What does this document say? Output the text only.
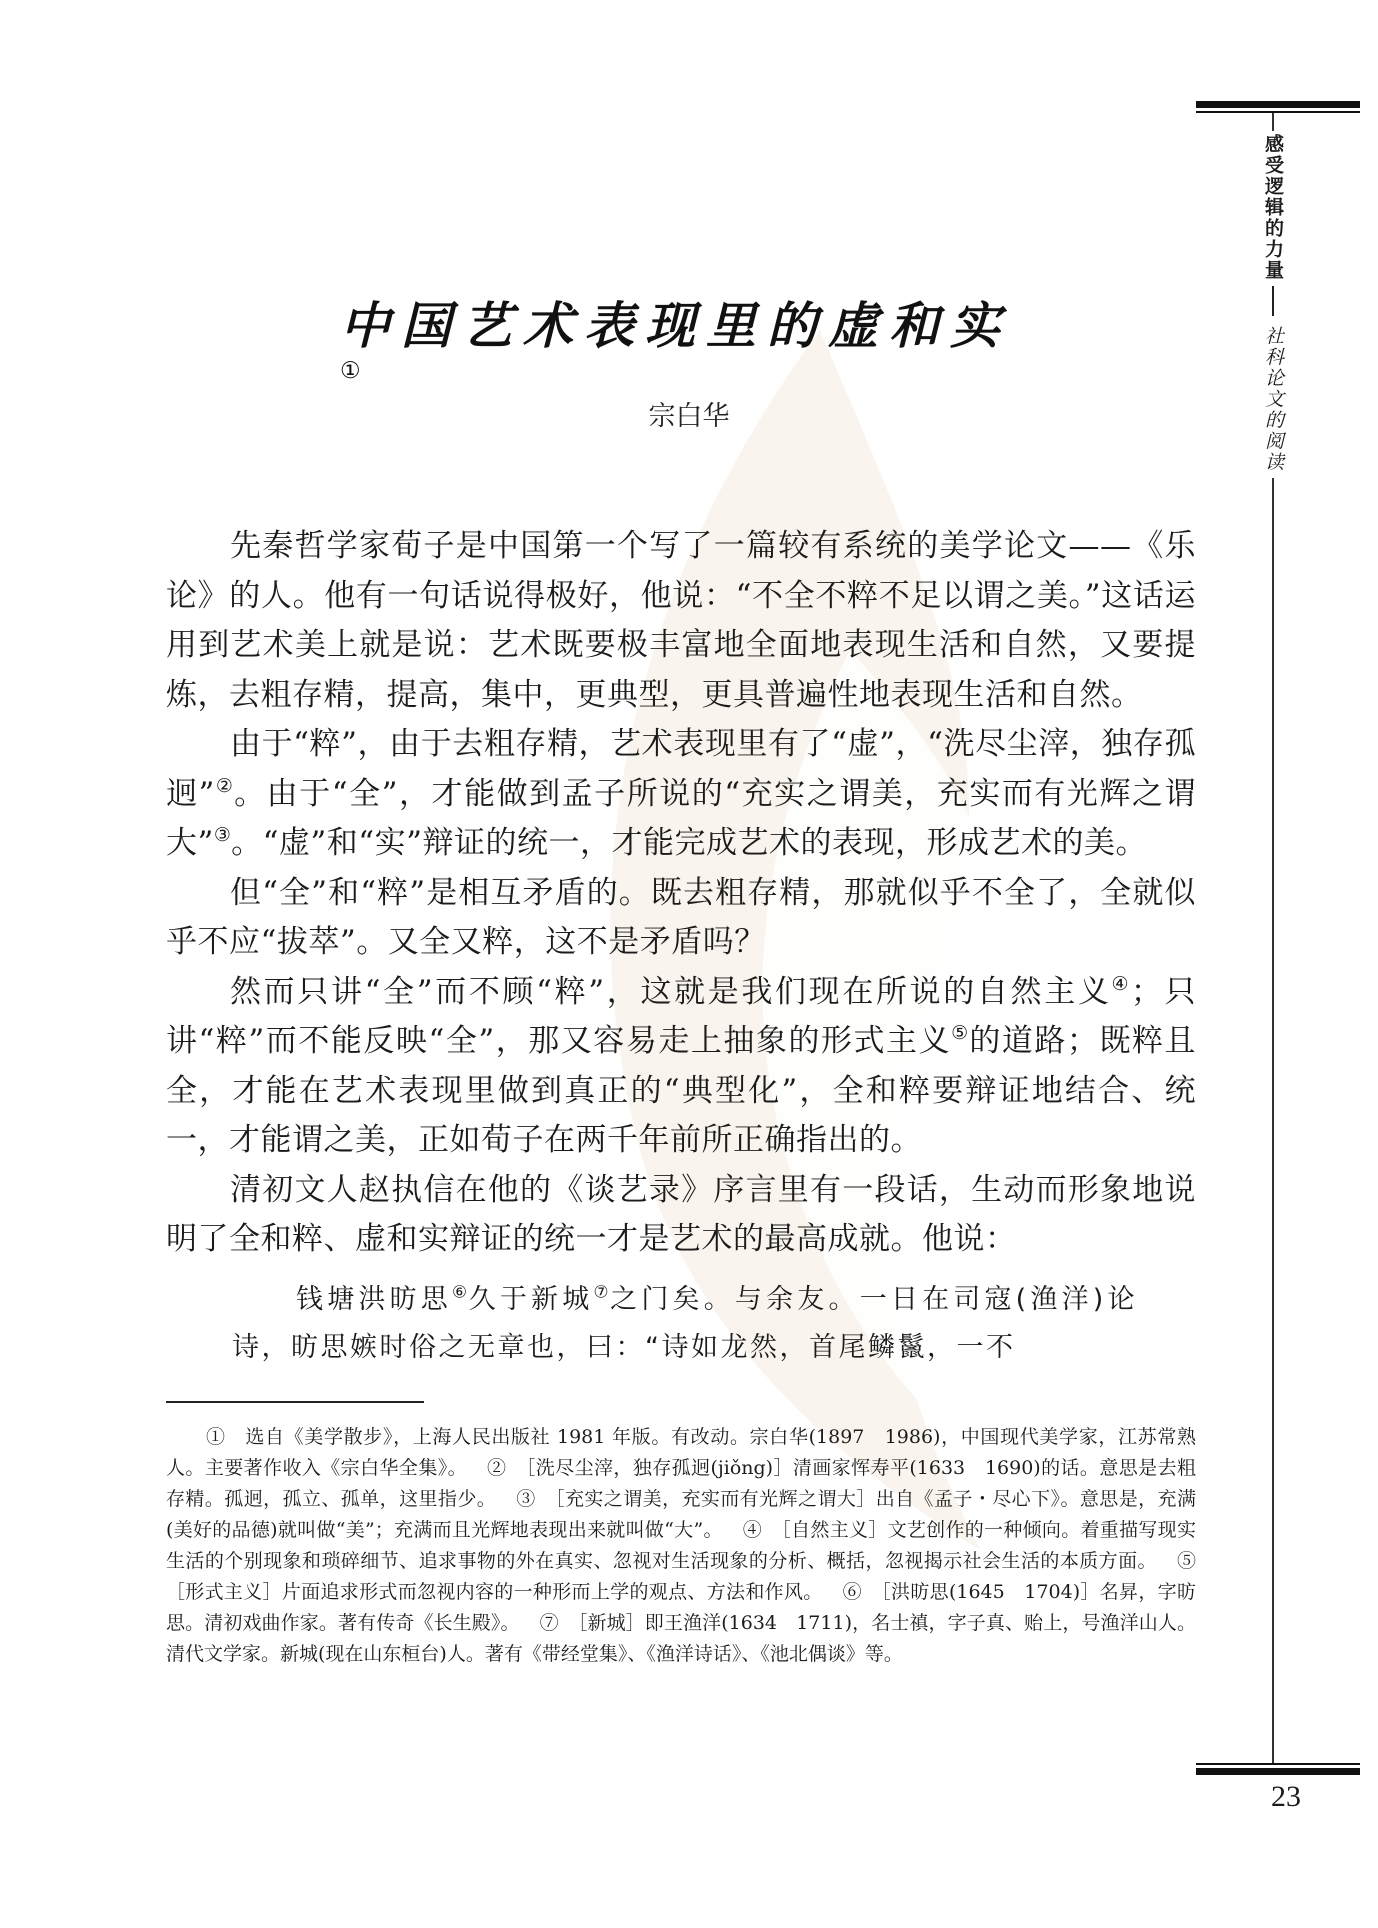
感受逻辑的力量
社科论文的阅读
23
中国艺术表现里的虚和实①
宗白华

先秦哲学家荀子是中国第一个写了一篇较有系统的美学论文——《乐论》的人。他有一句话说得极好，他说：“不全不粹不足以谓之美。”这话运用到艺术美上就是说：艺术既要极丰富地全面地表现生活和自然，又要提炼，去粗存精，提高，集中，更典型，更具普遍性地表现生活和自然。

由于“粹”，由于去粗存精，艺术表现里有了“虚”，“洗尽尘滓，独存孤迥”②。由于“全”，才能做到孟子所说的“充实之谓美，充实而有光辉之谓大”③。“虚”和“实”辩证的统一，才能完成艺术的表现，形成艺术的美。

但“全”和“粹”是相互矛盾的。既去粗存精，那就似乎不全了，全就似乎不应“拔萃”。又全又粹，这不是矛盾吗？

然而只讲“全”而不顾“粹”，这就是我们现在所说的自然主义④；只讲“粹”而不能反映“全”，那又容易走上抽象的形式主义⑤的道路；既粹且全，才能在艺术表现里做到真正的“典型化”，全和粹要辩证地结合、统一，才能谓之美，正如荀子在两千年前所正确指出的。

清初文人赵执信在他的《谈艺录》序言里有一段话，生动而形象地说明了全和粹、虚和实辩证的统一才是艺术的最高成就。他说：

钱塘洪昉思⑥久于新城⑦之门矣。与余友。一日在司寇(渔洋)论诗，昉思嫉时俗之无章也，曰：“诗如龙然，首尾鳞鬣，一不

①　选自《美学散步》，上海人民出版社 1981 年版。有改动。宗白华(1897　1986)，中国现代美学家，江苏常熟人。主要著作收入《宗白华全集》。 ②　［洗尽尘滓，独存孤迥(jiǒng)］清画家恽寿平(1633　1690)的话。意思是去粗存精。孤迥，孤立、孤单，这里指少。 ③　［充实之谓美，充实而有光辉之谓大］出自《孟子・尽心下》。意思是，充满(美好的品德)就叫做“美”；充满而且光辉地表现出来就叫做“大”。 ④　［自然主义］文艺创作的一种倾向。着重描写现实生活的个别现象和琐碎细节、追求事物的外在真实、忽视对生活现象的分析、概括，忽视揭示社会生活的本质方面。 ⑤　［形式主义］片面追求形式而忽视内容的一种形而上学的观点、方法和作风。 ⑥　［洪昉思(1645　1704)］名昇，字昉思。清初戏曲作家。著有传奇《长生殿》。 ⑦　［新城］即王渔洋(1634　1711)，名士禛，字子真、贻上，号渔洋山人。清代文学家。新城(现在山东桓台)人。著有《带经堂集》、《渔洋诗话》、《池北偶谈》等。
